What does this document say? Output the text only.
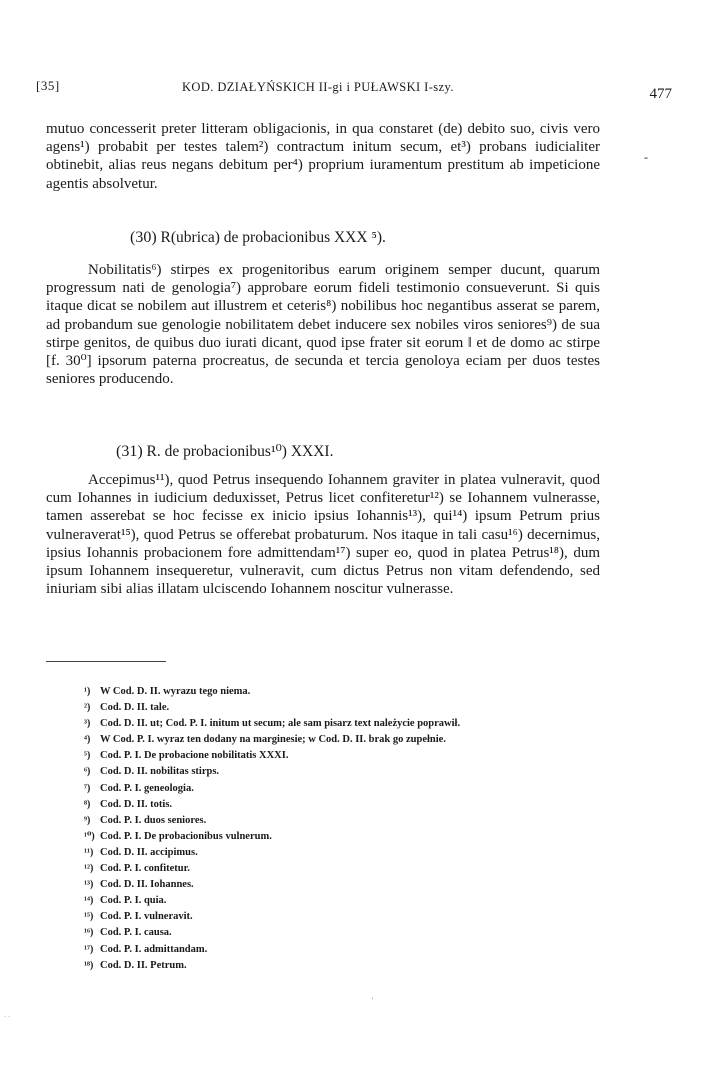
[35]	KOD. DZIAŁYŃSKICH II-gi i PUŁAWSKI I-szy.	477
-

mutuo concesserit preter litteram obligacionis, in qua constaret (de) debito suo, civis vero agens¹) probabit per testes talem²) contractum initum secum, et³) probans iudicialiter obtinebit, alias reus negans debitum per⁴) proprium iuramentum prestitum ab impeticione agentis absolvetur.

(30) R(ubrica) de probacionibus XXX ⁵).

Nobilitatis⁶) stirpes ex progenitoribus earum originem semper ducunt, quarum progressum nati de genologia⁷) approbare eorum fideli testimonio consueverunt. Si quis itaque dicat se nobilem aut illustrem et ceteris⁸) nobilibus hoc negantibus asserat se parem, ad probandum sue genologie nobilitatem debet inducere sex nobiles viros seniores⁹) de sua stirpe genitos, de quibus duo iurati dicant, quod ipse frater sit eorum ‖ et de domo ac stirpe [f. 30⁰] ipsorum paterna procreatus, de secunda et tercia genoloya eciam per duos testes seniores producendo.

(31) R. de probacionibus¹⁰) XXXI.

Accepimus¹¹), quod Petrus insequendo Iohannem graviter in platea vulneravit, quod cum Iohannes in iudicium deduxisset, Petrus licet confiteretur¹²) se Iohannem vulnerasse, tamen asserebat se hoc fecisse ex inicio ipsius Iohannis¹³), qui¹⁴) ipsum Petrum prius vulneraverat¹⁵), quod Petrus se offerebat probaturum. Nos itaque in tali casu¹⁶) decernimus, ipsius Iohannis probacionem fore admittendam¹⁷) super eo, quod in platea Petrus¹⁸), dum ipsum Iohannem insequeretur, vulneravit, cum dictus Petrus non vitam defendendo, sed iniuriam sibi alias illatam ulciscendo Iohannem noscitur vulnerasse.

¹) W Cod. D. II. wyrazu tego niema.
²) Cod. D. II. tale.
³) Cod. D. II. ut; Cod. P. I. initum ut secum; ale sam pisarz text należycie poprawił.
⁴) W Cod. P. I. wyraz ten dodany na marginesie; w Cod. D. II. brak go zupełnie.
⁵) Cod. P. I. De probacione nobilitatis XXXI.
⁶) Cod. D. II. nobilitas stirps.
⁷) Cod. P. I. geneologia.
⁸) Cod. D. II. totis.
⁹) Cod. P. I. duos seniores.
¹⁰) Cod. P. I. De probacionibus vulnerum.
¹¹) Cod. D. II. accipimus.
¹²) Cod. P. I. confitetur.
¹³) Cod. D. II. Iohannes.
¹⁴) Cod. P. I. quia.
¹⁵) Cod. P. I. vulneravit.
¹⁶) Cod. P. I. causa.
¹⁷) Cod. P. I. admittandam.
¹⁸) Cod. D. II. Petrum.
'
. .
